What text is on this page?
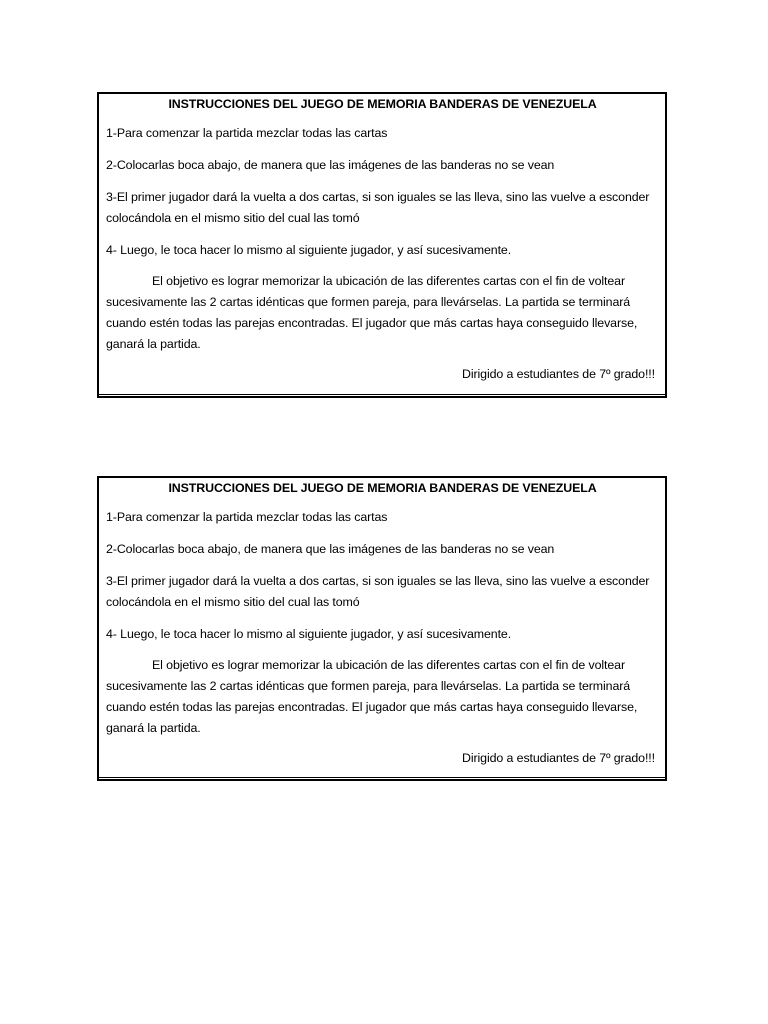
INSTRUCCIONES DEL JUEGO DE MEMORIA BANDERAS DE VENEZUELA

1-Para comenzar la partida mezclar todas las cartas

2-Colocarlas boca abajo, de manera que las imágenes de las banderas no se vean

3-El primer jugador dará la vuelta a dos cartas, si son iguales se las lleva, sino las vuelve a esconder colocándola en el mismo sitio del cual las tomó

4- Luego, le toca hacer lo mismo al siguiente jugador, y así sucesivamente.

El objetivo es lograr memorizar la ubicación de las diferentes cartas con el fin de voltear sucesivamente las 2 cartas idénticas que formen pareja, para llevárselas. La partida se terminará cuando estén todas las parejas encontradas. El jugador que más cartas haya conseguido llevarse, ganará la partida.

Dirigido a estudiantes de 7º grado!!!

INSTRUCCIONES DEL JUEGO DE MEMORIA BANDERAS DE VENEZUELA

1-Para comenzar la partida mezclar todas las cartas

2-Colocarlas boca abajo, de manera que las imágenes de las banderas no se vean

3-El primer jugador dará la vuelta a dos cartas, si son iguales se las lleva, sino las vuelve a esconder colocándola en el mismo sitio del cual las tomó

4- Luego, le toca hacer lo mismo al siguiente jugador, y así sucesivamente.

El objetivo es lograr memorizar la ubicación de las diferentes cartas con el fin de voltear sucesivamente las 2 cartas idénticas que formen pareja, para llevárselas. La partida se terminará cuando estén todas las parejas encontradas. El jugador que más cartas haya conseguido llevarse, ganará la partida.

Dirigido a estudiantes de 7º grado!!!
